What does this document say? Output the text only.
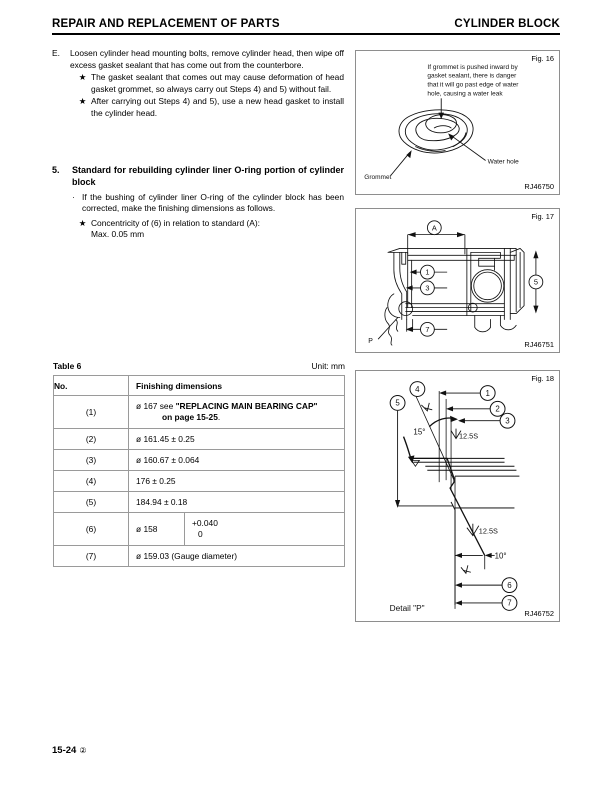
REPAIR AND REPLACEMENT OF PARTS	CYLINDER BLOCK
E.	Loosen cylinder head mounting bolts, remove cylinder head, then wipe off excess gasket sealant that has come out from the counterbore.
★ The gasket sealant that comes out may cause deformation of head gasket grommet, so always carry out Steps 4) and 5) without fail.
★ After carrying out Steps 4) and 5), use a new head gasket to install the cylinder head.
5.	Standard for rebuilding cylinder liner O-ring portion of cylinder block
· If the bushing of cylinder liner O-ring of the cylinder block has been corrected, make the finishing dimensions as follows.
★ Concentricity of (6) in relation to standard (A):
Max. 0.05 mm
Table 6	Unit: mm
No.	Finishing dimensions
(1)	ø 167 see "REPLACING MAIN BEARING CAP"
on page 15-25.

(2)	ø 161.45 ± 0.25
(3)	ø 160.67 ± 0.064
(4)	176 ± 0.25
(5)	184.94 ± 0.18
(6)	ø 158
+0.040
0

(7)	ø 159.03 (Gauge diameter)
Fig. 16
RJ46750
If grommet is pushed inward by
gasket sealant, there is danger
that it will go past edge of water
hole, causing a water leak
Grommet
Water hole
Fig. 17
RJ46751
A
1
3
5
7
P
Fig. 18
RJ46752
12.5S
15°
5
4	1
2
3
12.5S
10°
6
7
Detail "P"
15-24 ②
